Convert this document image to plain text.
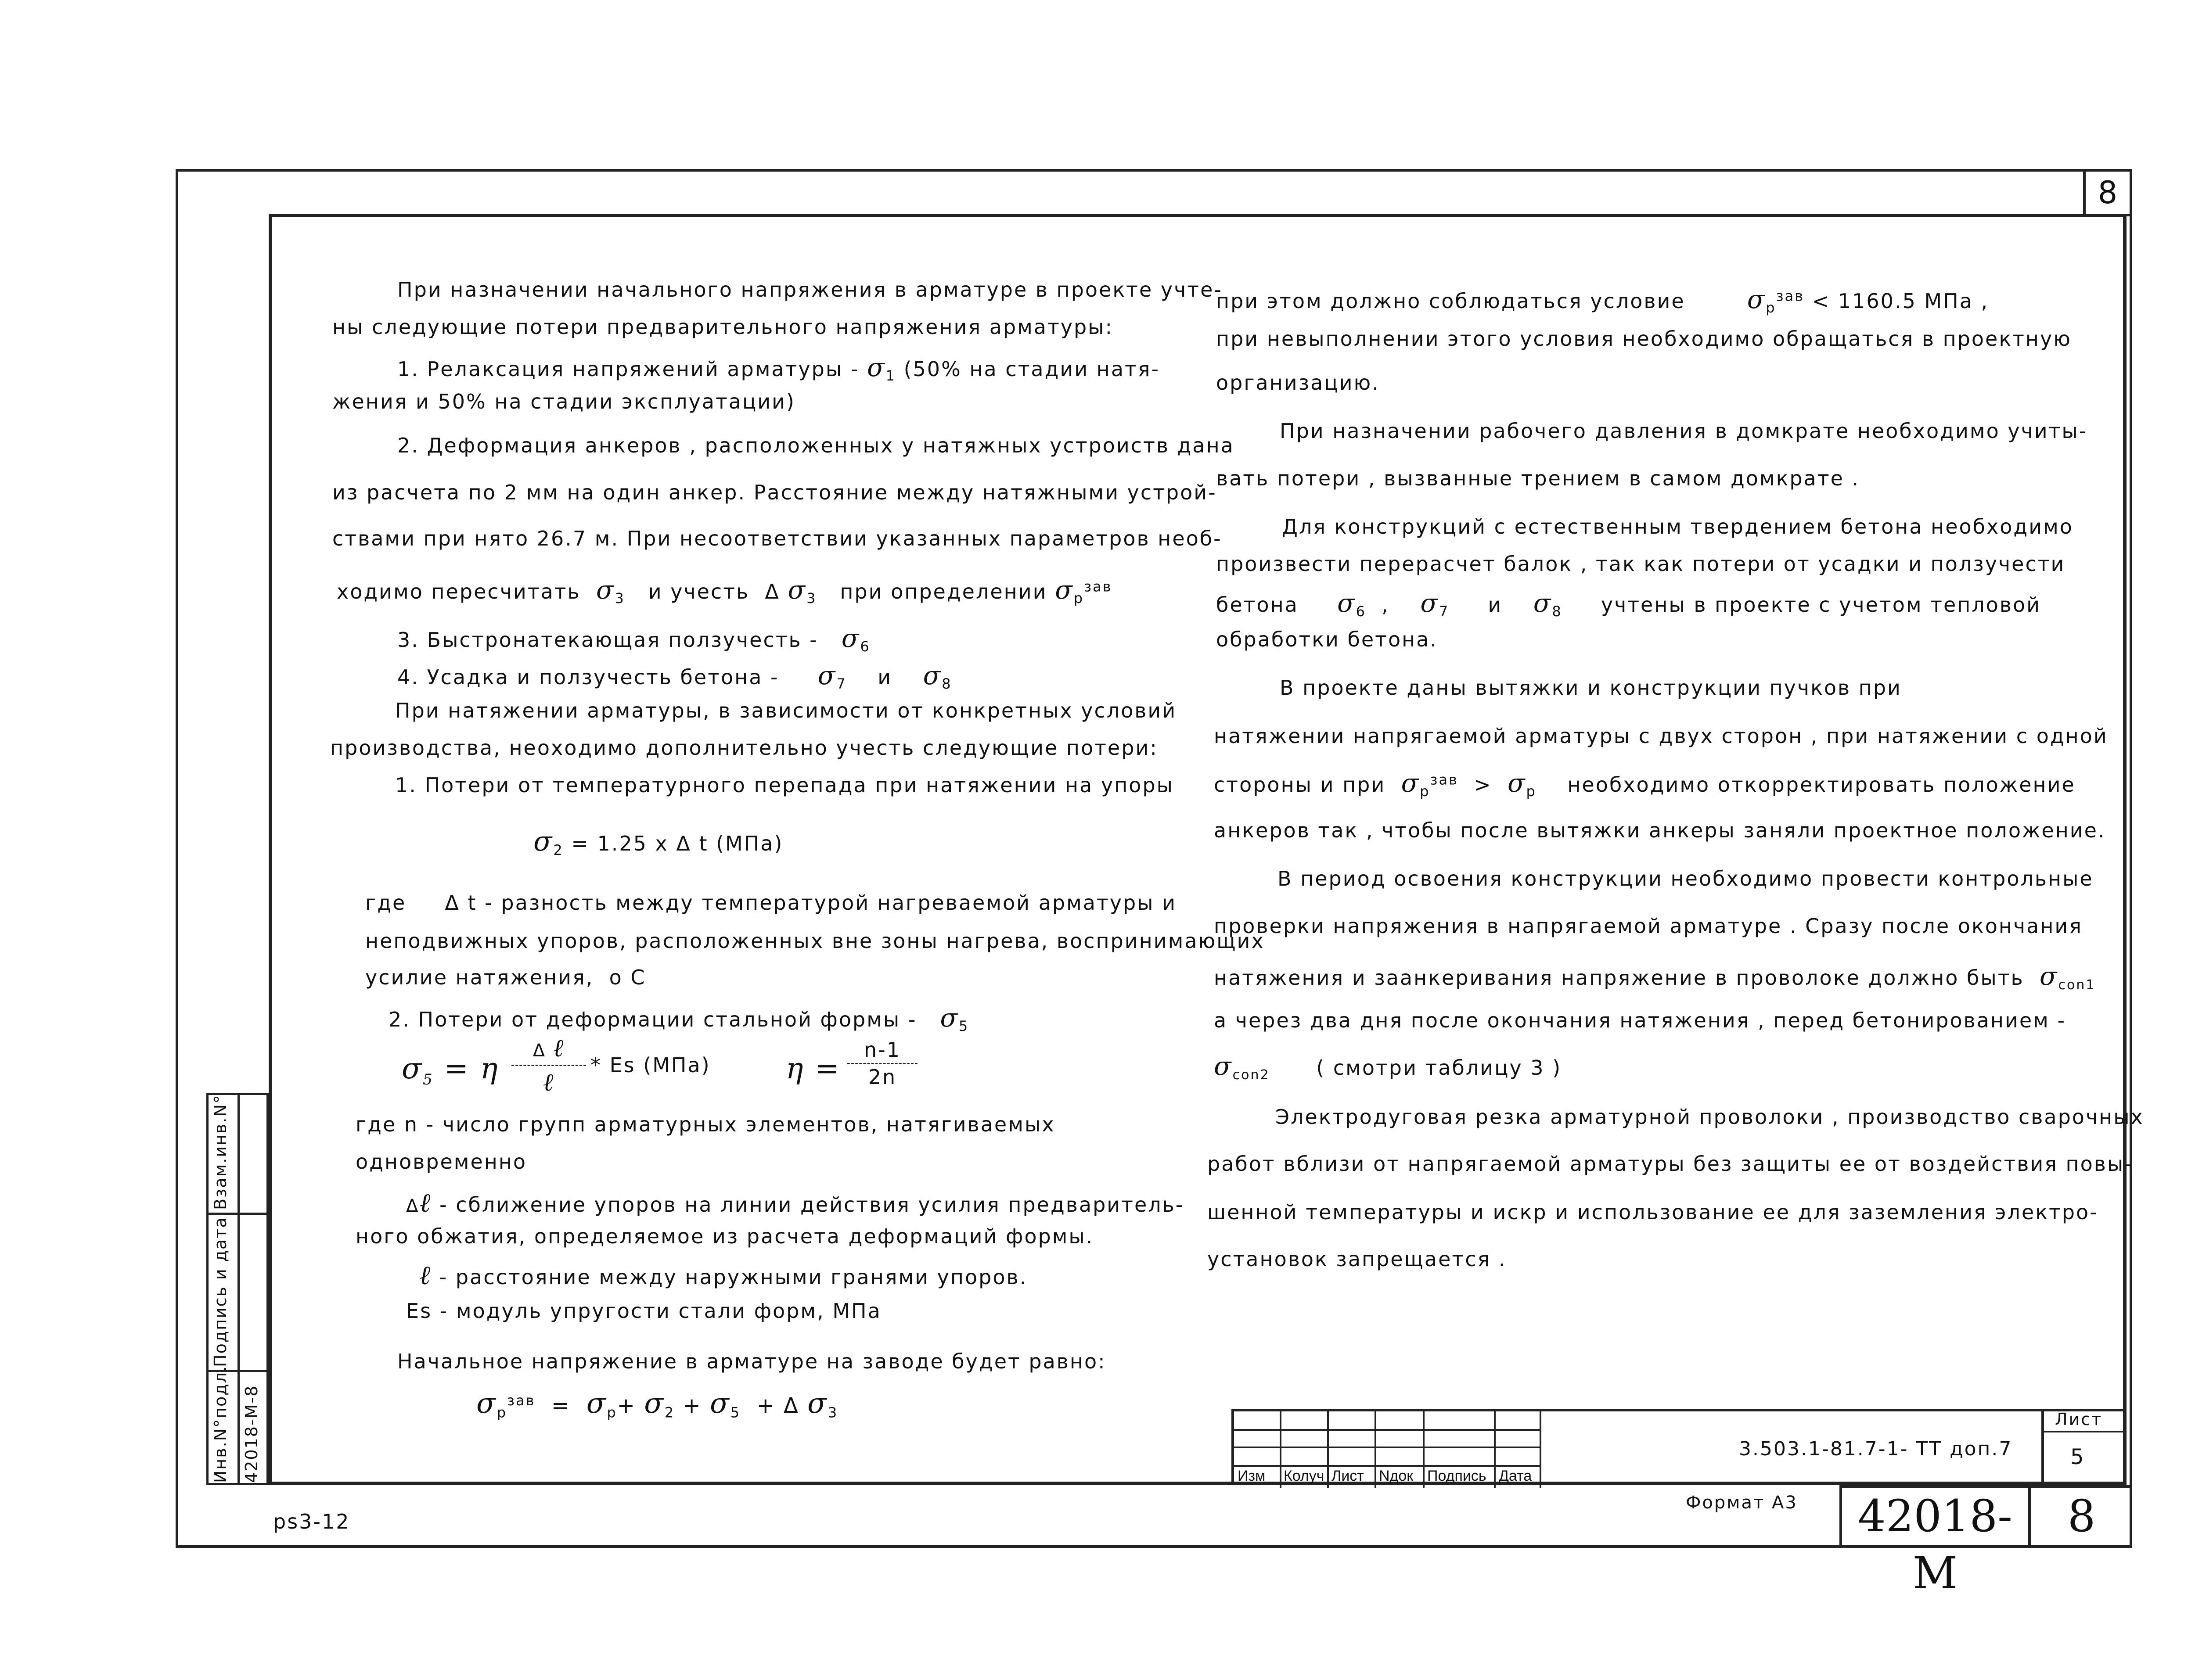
8
При назначении начального напряжения в арматуре в проекте учте-
ны следующие потери предварительного напряжения арматуры:
1. Релаксация напряжений арматуры - $\sigma_1$ (50% на стадии натя-
жения и 50% на стадии эксплуатации)
2. Деформация анкеров , расположенных у натяжных устроиств дана
из расчета по 2 мм на один анкер. Расстояние между натяжными устрой-
ствами при нято 26.7 м. При несоответствии указанных параметров необ-
ходимо пересчитать $\sigma_3$ и учесть  Δ $\sigma_3$ при определении $\sigma_р^{зав}$
3. Быстронатекающая ползучесть - $\sigma_6$
4. Усадка и ползучесть бетона - $\sigma_7$ и $\sigma_8$
При натяжении арматуры, в зависимости от конкретных условий
производства, неоходимо дополнительно учесть следующие потери:
1. Потери от температурного перепада при натяжении на упоры
$\sigma_2 = 1.25$ x Δ t (МПа)
где Δ t - разность между температурой нагреваемой арматуры и
неподвижных упоров, расположенных вне зоны нагрева, воспринимающих
усилие натяжения, о C
2. Потери от деформации стальной формы - $\sigma_5$
$\sigma_5 = \eta$
Δ ℓ
ℓ
* Es (МПа)	η =
n-1
2n
где n - число групп арматурных элементов, натягиваемых
одновременно
Δℓ - сближение упоров на линии действия усилия предваритель-
ного обжатия, определяемое из расчета деформаций формы.
ℓ - расстояние между наружными гранями упоров.
Es - модуль упругости стали форм, МПа
Начальное напряжение в арматуре на заводе будет равно:
$\sigma_р^{зав} = \sigma_р+ \sigma_2 + \sigma_5 + \Delta$ $\sigma_3$
при этом должно соблюдаться условие $\sigma_р^{зав} < 1160.5$ МПа ,
при невыполнении этого условия необходимо обращаться в проектную
организацию.
При назначении рабочего давления в домкрате необходимо учиты-
вать потери , вызванные трением в самом домкрате .
Для конструкций с естественным твердением бетона необходимо
произвести перерасчет балок , так как потери от усадки и ползучести
бетона $\sigma_6$  ,    $\sigma_7$     и    $\sigma_8$ учтены в проекте с учетом тепловой
обработки бетона.
В проекте даны вытяжки и конструкции пучков при
натяжении напрягаемой арматуры с двух сторон , при натяжении с одной
стороны и при $\sigma_р^{зав} > \sigma_р$ необходимо откорректировать положение
анкеров так , чтобы после вытяжки анкеры заняли проектное положение.
В период освоения конструкции необходимо провести контрольные
проверки напряжения в напрягаемой арматуре . Сразу после окончания
натяжения и заанкеривания напряжение в проволоке должно быть $\sigma_{con1}$
а через два дня после окончания натяжения , перед бетонированием -
$\sigma_{con2}$ ( смотри таблицу 3 )
Электродуговая резка арматурной проволоки , производство сварочных
работ вблизи от напрягаемой арматуры без защиты ее от воздействия повы-
шенной температуры и искр и использование ее для заземления электро-
установок запрещается .
Взам.инв.N°
Подпись и дата
Инв.N°подл. 42018-М-8	Изм Колуч Лист Nдок Подпись Дата
3.503.1-81.7-1- ТТ доп.7
Лист
5
Формат А3	42018-М
8
ps3-12
